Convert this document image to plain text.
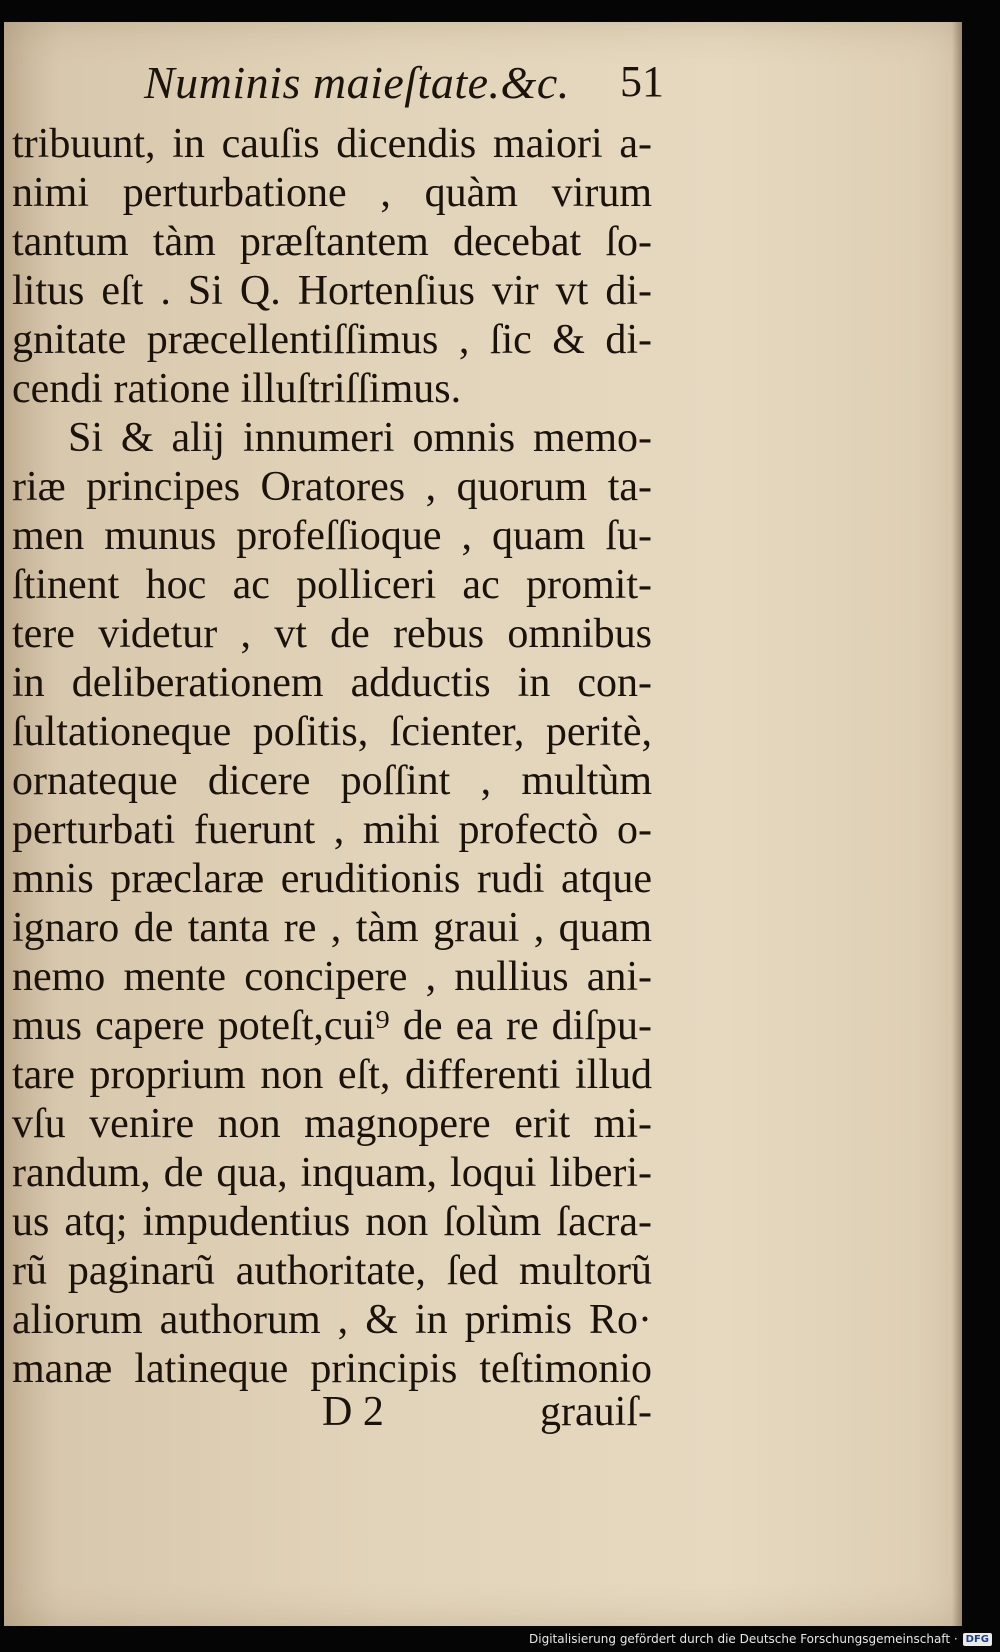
Numinis maieſtate.&c. 51
tribuunt, in cauſis dicendis maiori a-
nimi perturbatione , quàm virum
tantum tàm præſtantem decebat ſo-
litus eſt . Si Q. Hortenſius vir vt di-
gnitate præcellentiſſimus , ſic & di-
cendi ratione illuſtriſſimus.
Si & alij innumeri omnis memo-
riæ principes Oratores , quorum ta-
men munus profeſſioque , quam ſu-
ſtinent hoc ac polliceri ac promit-
tere videtur , vt de rebus omnibus
in deliberationem adductis in con-
ſultationeque poſitis, ſcienter, peritè,
ornateque dicere poſſint , multùm
perturbati fuerunt , mihi profectò o-
mnis præclaræ eruditionis rudi atque
ignaro de tanta re , tàm graui , quam
nemo mente concipere , nullius ani-
mus capere poteſt,cui⁹ de ea re diſpu-
tare proprium non eſt, differenti illud
vſu venire non magnopere erit mi-
randum, de qua, inquam, loqui liberi-
us atq; impudentius non ſolùm ſacra-
rũ paginarũ authoritate, ſed multorũ
aliorum authorum , & in primis Ro·
manæ latineque principis teſtimonio
D 2	grauiſ-
Digitalisierung gefördert durch die Deutsche Forschungsgemeinschaft · DFG
